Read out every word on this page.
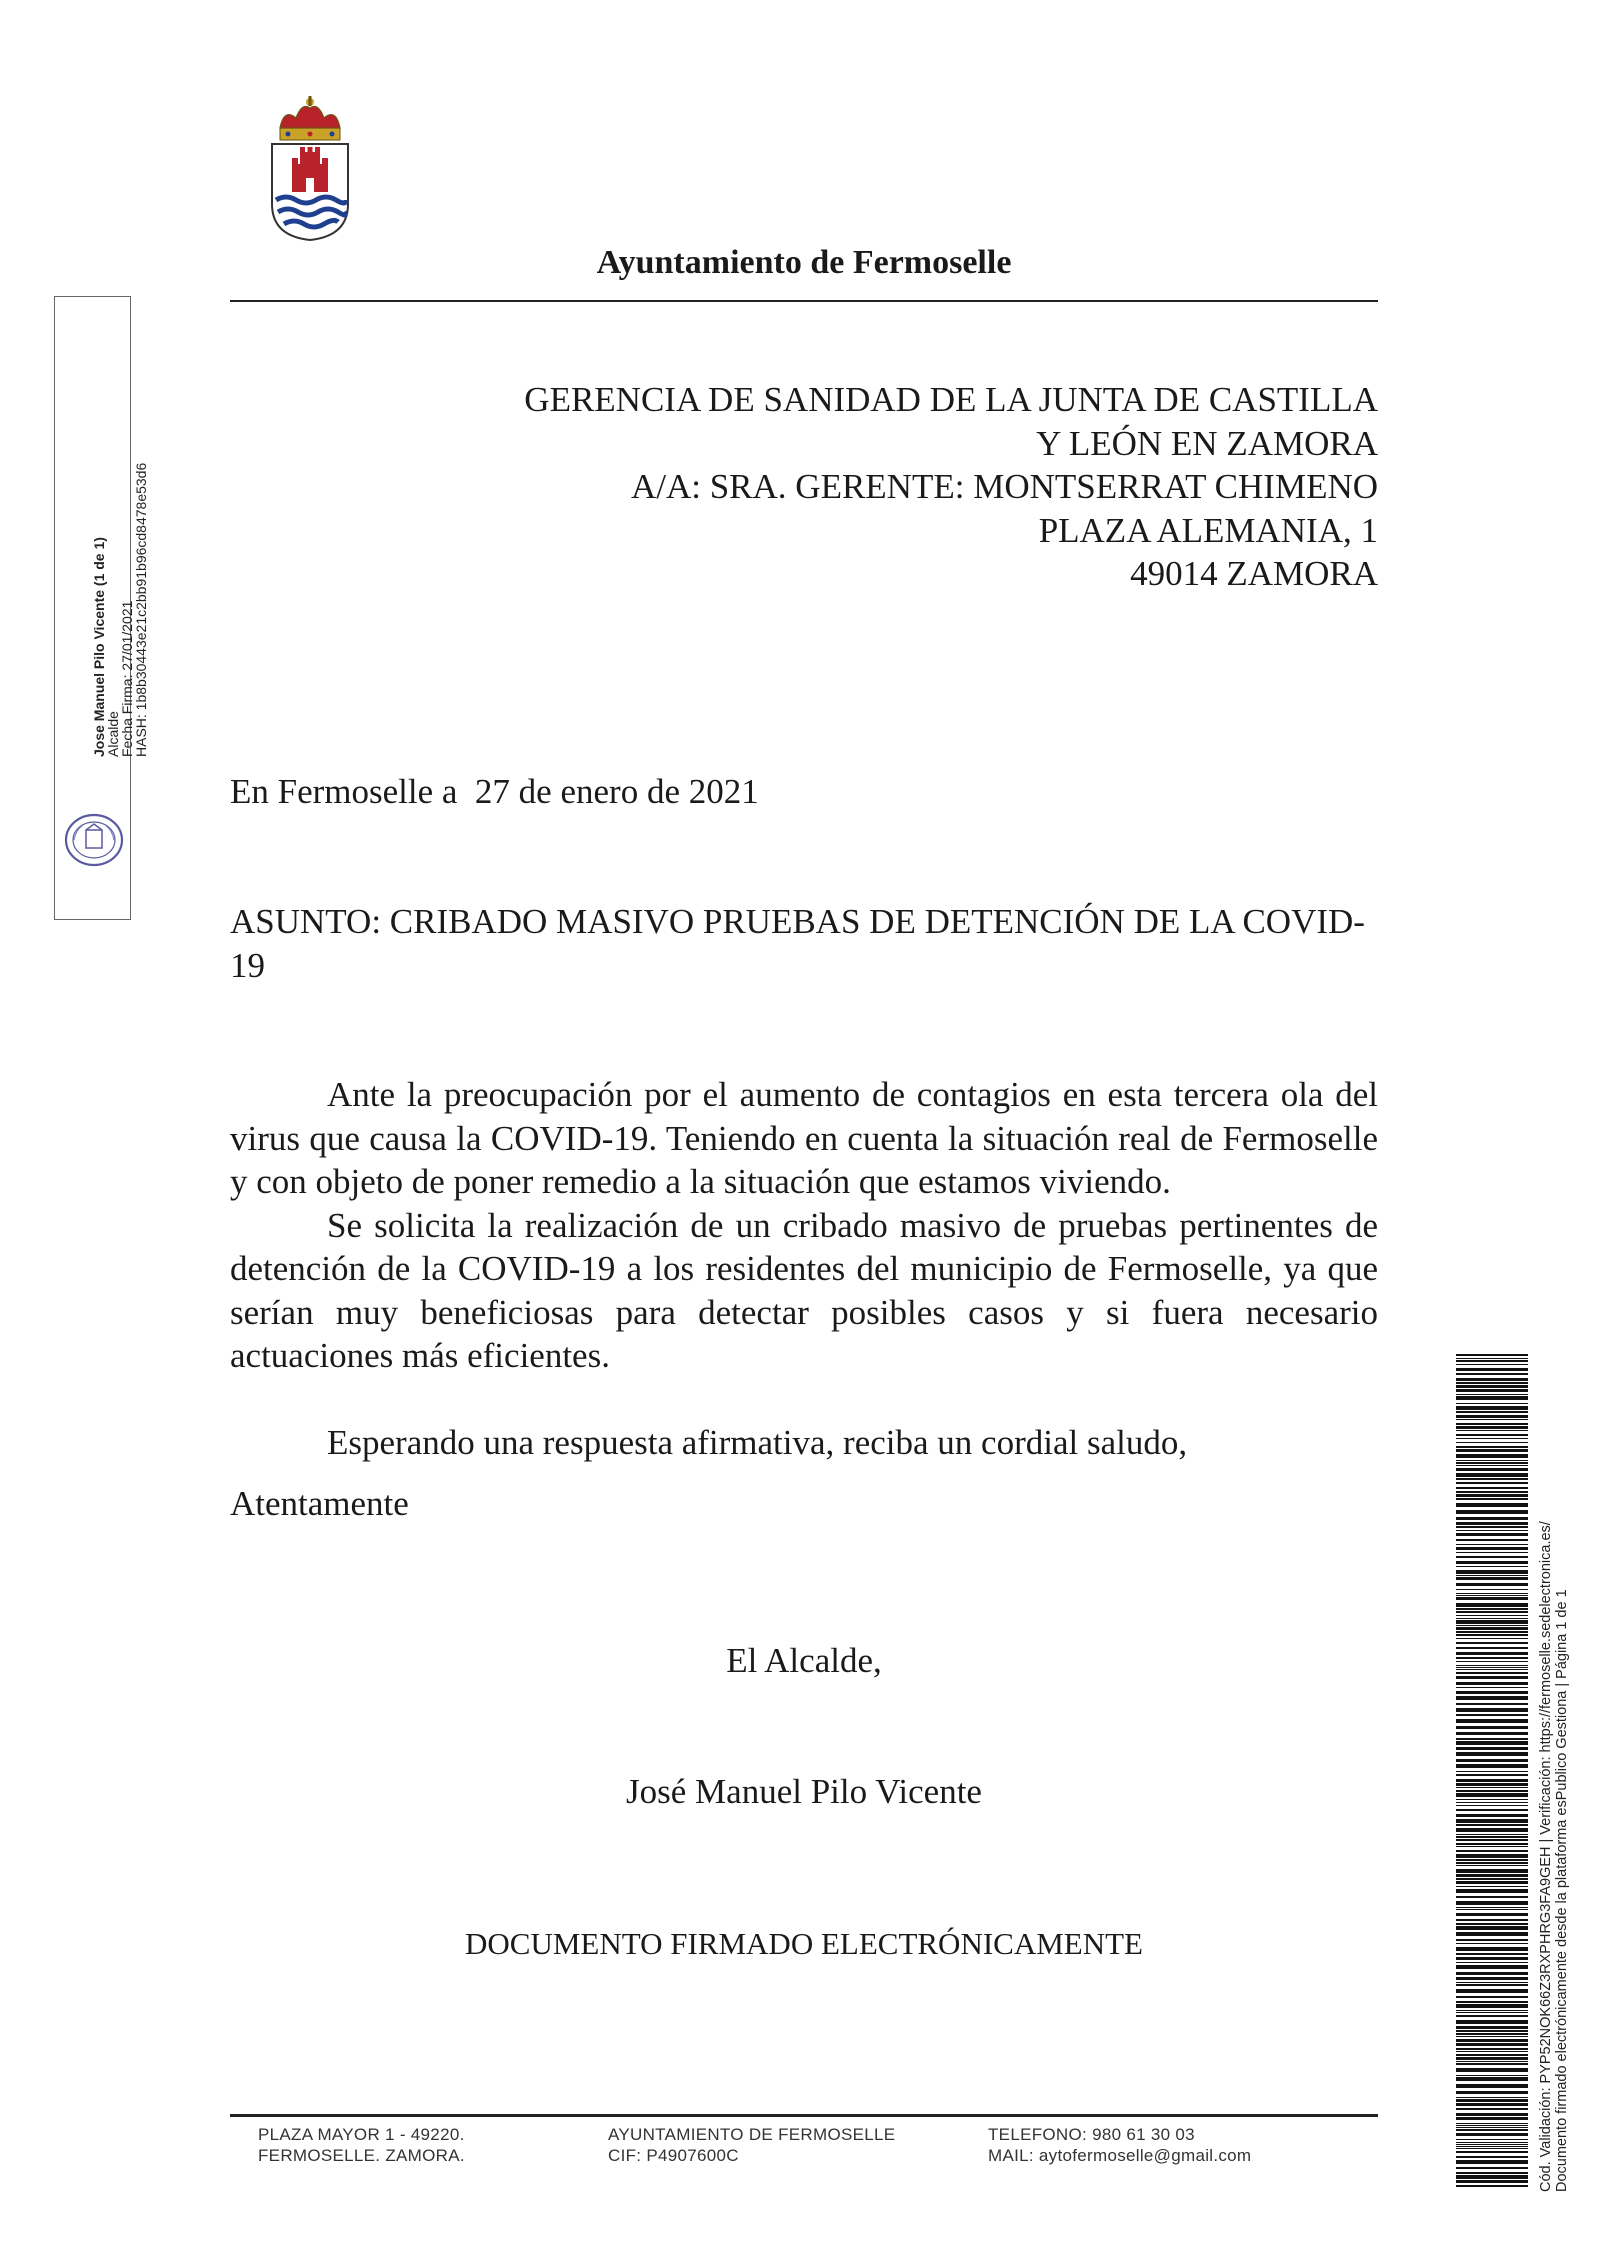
Ayuntamiento de Fermoselle
GERENCIA DE SANIDAD DE LA JUNTA DE CASTILLA
Y LEÓN EN ZAMORA
A/A: SRA. GERENTE: MONTSERRAT CHIMENO
PLAZA ALEMANIA, 1
49014 ZAMORA
En Fermoselle a  27 de enero de 2021
ASUNTO: CRIBADO MASIVO PRUEBAS DE DETENCIÓN DE LA COVID-19

Ante la preocupación por el aumento de contagios en esta tercera ola del virus que causa la COVID-19. Teniendo en cuenta la situación real de Fermoselle y con objeto de poner remedio a la situación que estamos viviendo.

Se solicita la realización de un cribado masivo de pruebas pertinentes de detención de la COVID-19 a los residentes del municipio de Fermoselle, ya que serían muy beneficiosas para detectar posibles casos y si fuera necesario actuaciones más eficientes.

Esperando una respuesta afirmativa, reciba un cordial saludo,

Atentamente
El Alcalde,
José Manuel Pilo Vicente
DOCUMENTO FIRMADO ELECTRÓNICAMENTE
PLAZA MAYOR 1 - 49220.
FERMOSELLE. ZAMORA.
AYUNTAMIENTO DE FERMOSELLE
CIF: P4907600C
TELEFONO: 980 61 30 03
MAIL: aytofermoselle@gmail.com
Jose Manuel Pilo Vicente (1 de 1)
Alcalde
Fecha Firma: 27/01/2021
HASH: 1b8b30443e21c2bb91b96cd8478e53d6
Cód. Validación: PYP52NOK66Z3RXPHRG3FA9GEH | Verificación: https://fermoselle.sedelectronica.es/ Documento firmado electrónicamente desde la plataforma esPublico Gestiona | Página 1 de 1
